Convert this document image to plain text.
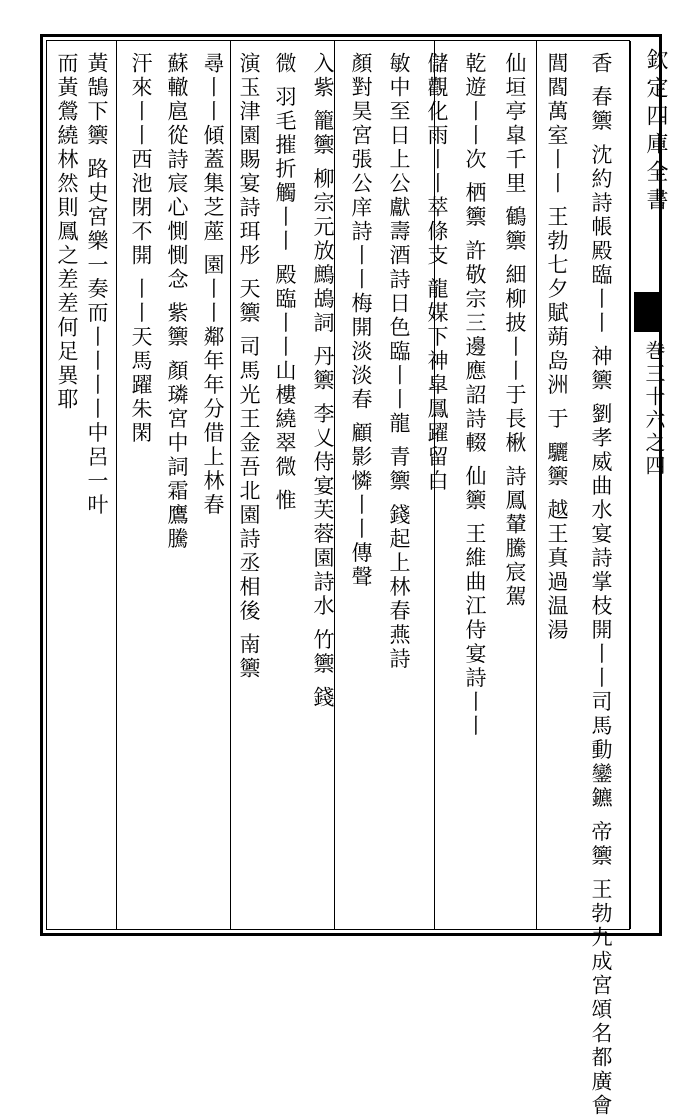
欽定四庫全書
巻三十六之四
香 春籞 沈約詩帳殿臨丨丨 神籞 劉孝威曲水宴詩掌枝開丨丨司馬動鑾鑣 帝籞 王勃九成宮頌名都廣會
閭閻萬室丨丨 王勃七夕賦蒴𡷊洲 于 驪籞 越王真過温湯
仙垣亭皐千里 鶴籞 細柳披丨丨于長楸 詩鳳輦騰宸駕
乾遊丨丨次 栖籞 許敬宗三邊應詔詩輟 仙籞 王維曲江侍宴詩丨丨
儲觀化雨丨丨萃條支 龍媒下神皐鳳躍留白
敏中至日上公獻壽酒詩日色臨丨丨龍 青籞 錢起上林春燕詩
顏對昊宮張公庠詩丨丨梅開淡淡春 顧影憐丨丨傳聲
入紫 籠籞 柳宗元放鷓鴣詞 丹籞 李乂侍宴芙蓉園詩水 竹籞 錢
微 羽毛摧折觸丨丨 殿臨丨丨山樓繞翠微 惟
演玉津園賜宴詩珥彤 天籞 司馬光王金吾北園詩丞相後 南籞
尋丨丨傾蓋集芝蓙 園丨丨鄰年年分借上林春
蘇轍扈從詩宸心惻惻念 紫籞 顏璘宮中詞霜鷹騰
汗來丨丨西池閉不開 丨丨天馬躍朱閑
黃鵠下籞 路史宮樂一奏而丨丨丨丨中呂一叶
而黃鶯繞林然則鳳之差差何足異耶
